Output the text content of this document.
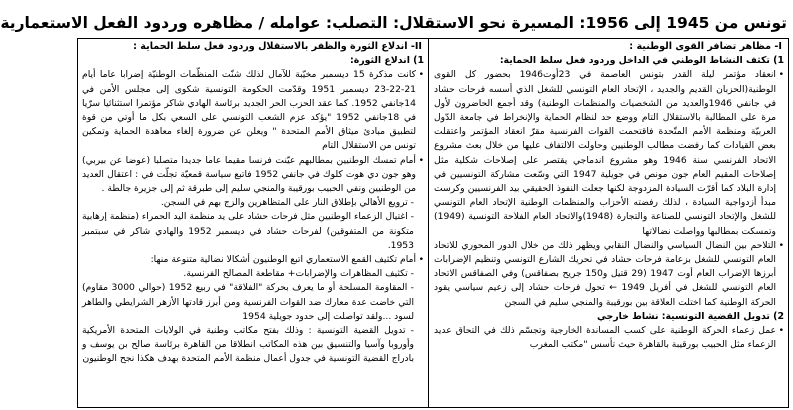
تونس من 1945 إلى 1956: المسيرة نحو الاستقلال: التصلب: عوامله / مظاهره وردود الفعل الاستعمارية
I- مظاهر تضافر القوى الوطنية :
1) تكثف النشاط الوطني في الداخل وردود فعل سلط الحماية:

• انعقاد مؤتمر ليلة القدر بتونس العاصمة في 23أوت1946 بحضور كل القوى الوطنية(الحزبان القديم والجديد ، الإتحاد العام التونسي للشغل الذي أسسه فرحات حشاد في جانفي 1946والعديد من الشخصيات والمنظمات الوطنية) وقد أجمع الحاضرون لأول مرة على المطالبة بالاستقلال التام ووضع حد لنظام الحماية والإنخراط في جامعة الدّول العربيّة ومنظمة الأمم المتّحدة فاقتحمت القوات الفرنسية مقرّ انعقاد المؤتمر واعتقلت بعض القيادات كما رفضت مطالب الوطنيين وحاولت الالتفاف عليها من خلال بعث مشروع الاتحاد الفرنسي سنة 1946 وهو مشروع اندماجي يقتصر على إصلاحات شكلية مثل إصلاحات المقيم العام جون مونص في جويلية 1947 التي وسّعت مشاركة التونسيين في إدارة البلاد كما أقرّت السيادة المزدوجة لكنها جعلت النفوذ الحقيقي بيد الفرنسيين وكرست مبدأ أزدواجية السيادة ، لذلك رفضته الأحزاب والمنظمات الوطنية الإتحاد العام التونسي للشغل والإتحاد التونسي للصناعة والتجارة (1948)والاتحاد العام الفلاحة التونسية (1949) وتمسكت بمطالبها وواصلت نضالاتها

• التلاحم بين النضال السياسي والنضال النقابي ويظهر ذلك من خلال الدور المحوري للاتحاد العام التونسي للشغل بزعامة فرحات حشاد في تحريك الشارع التونسي وتنظيم الإضرابات أبرزها الإضراب العام أوت 1947 (29 قتيل و150 جريح بصفاقس) وفي الصفاقس الاتحاد العام التونسي للشغل في أفريل 1949 ← تحول فرحات حشاد إلى زعيم سياسي يقود الحركة الوطنية كما اختلت العلاقة بين بورقيبة والمنجي سليم في السجن

2) تدويل القضية التونسية: نشاط خارجي

• عمل زعماء الحركة الوطنية على كسب المساندة الخارجية وتجسّم ذلك في التحاق عديد الزعماء مثل الحبيب بورقيبة بالقاهرة حيث تأسس "مكتب المغرب

II- اندلاع الثورة والظفر بالاستقلال وردود فعل سلط الحماية :
1) اندلاع الثورة:

• كانت مذكرة 15 ديسمبر مخيّبة للآمال لذلك شنّت المنظّمات الوطنيّة إضرابا عاما أيام 21-22-23 ديسمبر 1951 وقدّمت الحكومة التونسية شكوى إلى مجلس الأمن في 14جانفي 1952. كما عقد الحزب الحر الجديد برئاسة الهادي شاكر مؤتمرا استثنائيا سرّيا في 18جانفي 1952 "يؤكد عزم الشعب التونسي على السعي بكل ما أوتي من قوة لتطبيق مبادئ ميثاق الأمم المتحدة " ويعلن عن ضرورة إلغاء معاهدة الحماية وتمكين تونس من الاستقلال التام

• أمام تمسك الوطنيين بمطالبهم عيّنت فرنسا مقيما عاما جديدا متصلبا (عوضا عن بيربي) وهو جون دي هوت كلوك في جانفي 1952 فاتبع سياسة قمعيّة تجلّت في : اعتقال العديد من الوطنيين ونفي الحبيب بورقيبة والمنجي سليم إلى طبرقة ثم إلى جزيرة جالطة .

- ترويع الأهالي بإطلاق النار على المتظاهرين والزج بهم في السجن.

- اغتيال الزعماء الوطنيين مثل فرحات حشاد على يد منظمة اليد الحمراء (منظمة إرهابية متكونة من المتفوقين) لفرحات حشاد في ديسمبر 1952 والهادي شاكر في سبتمبر 1953.

• أمام تكثيف القمع الاستعماري اتبع الوطنيون أشكالا نضالية متنوعة منها:

- تكثيف المظاهرات والإضرابات+ مقاطعة المصالح الفرنسية.

- المقاومة المسلحة أو ما يعرف بحركة "الفلاقة" في ربيع 1952 (حوالي 3000 مقاوم) التي خاضت عدة معارك ضد القوات الفرنسية ومن أبرز قادتها الأزهر الشرايطي والطاهر لسود ...ولقد تواصلت إلى حدود جويلية 1954

- تدويل القضية التونسية : وذلك بفتح مكاتب وطنية في الولايات المتحدة الأمريكية وأوروبا وآسيا والتنسيق بين هذه المكاتب انطلاقا من القاهرة برئاسة صالح بن يوسف و بادراج القضية التونسية في جدول أعمال منظمة الأمم المتحدة بهدف هكذا نجح الوطنيون
